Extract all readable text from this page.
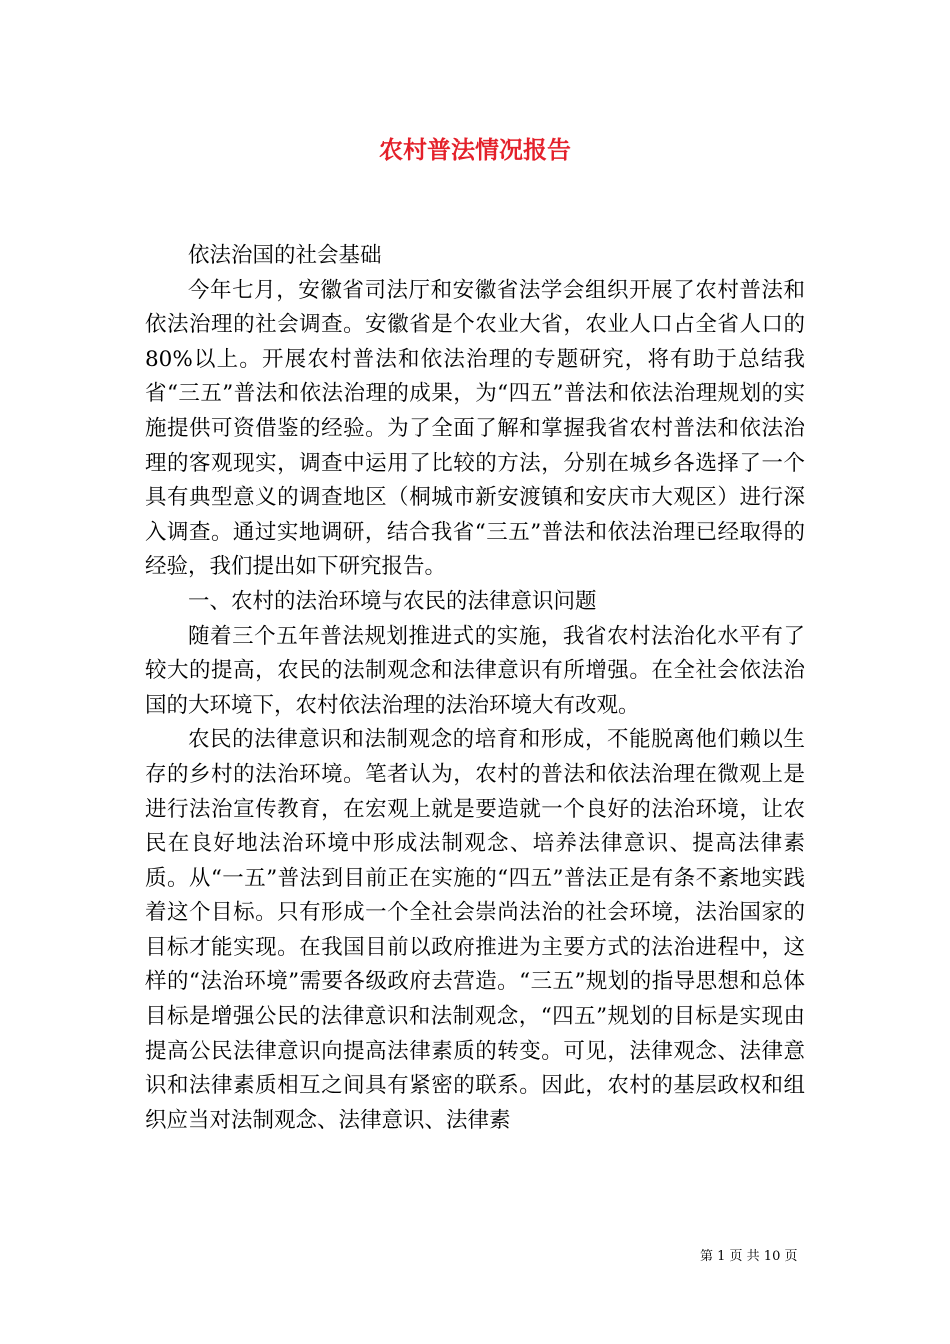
农村普法情况报告

依法治国的社会基础

今年七月，安徽省司法厅和安徽省法学会组织开展了农村普法和依法治理的社会调查。安徽省是个农业大省，农业人口占全省人口的80%以上。开展农村普法和依法治理的专题研究，将有助于总结我省“三五”普法和依法治理的成果，为“四五”普法和依法治理规划的实施提供可资借鉴的经验。为了全面了解和掌握我省农村普法和依法治理的客观现实，调查中运用了比较的方法，分别在城乡各选择了一个具有典型意义的调查地区（桐城市新安渡镇和安庆市大观区）进行深入调查。通过实地调研，结合我省“三五”普法和依法治理已经取得的经验，我们提出如下研究报告。

一、农村的法治环境与农民的法律意识问题

随着三个五年普法规划推进式的实施，我省农村法治化水平有了较大的提高，农民的法制观念和法律意识有所增强。在全社会依法治国的大环境下，农村依法治理的法治环境大有改观。

农民的法律意识和法制观念的培育和形成，不能脱离他们赖以生存的乡村的法治环境。笔者认为，农村的普法和依法治理在微观上是进行法治宣传教育，在宏观上就是要造就一个良好的法治环境，让农民在良好地法治环境中形成法制观念、培养法律意识、提高法律素质。从“一五”普法到目前正在实施的“四五”普法正是有条不紊地实践着这个目标。只有形成一个全社会崇尚法治的社会环境，法治国家的目标才能实现。在我国目前以政府推进为主要方式的法治进程中，这样的“法治环境”需要各级政府去营造。“三五”规划的指导思想和总体目标是增强公民的法律意识和法制观念，“四五”规划的目标是实现由提高公民法律意识向提高法律素质的转变。可见，法律观念、法律意识和法律素质相互之间具有紧密的联系。因此，农村的基层政权和组织应当对法制观念、法律意识、法律素

第 1 页 共 10 页
